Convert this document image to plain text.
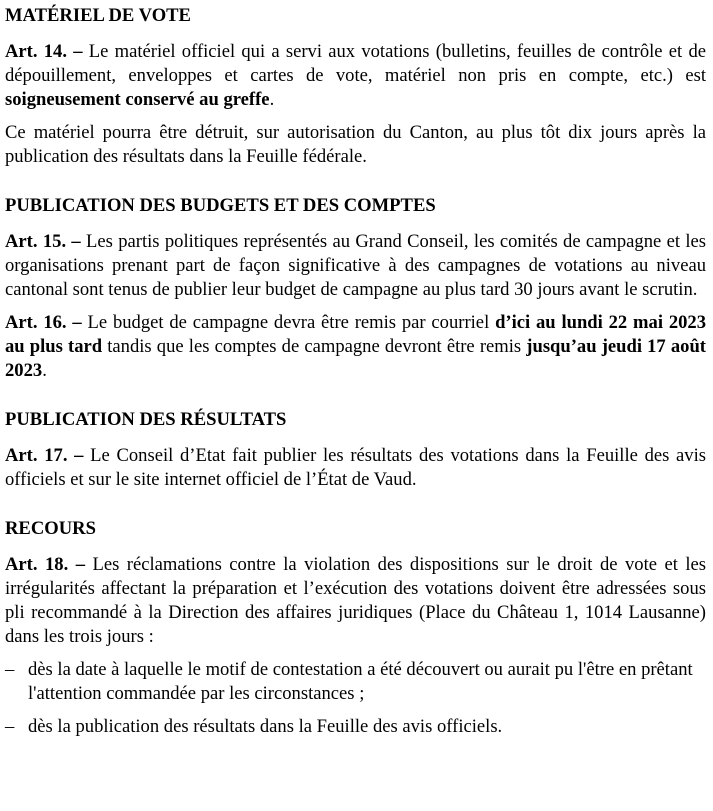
MATÉRIEL DE VOTE

Art. 14. – Le matériel officiel qui a servi aux votations (bulletins, feuilles de contrôle et de dépouillement, enveloppes et cartes de vote, matériel non pris en compte, etc.) est soigneusement conservé au greffe.

Ce matériel pourra être détruit, sur autorisation du Canton, au plus tôt dix jours après la publication des résultats dans la Feuille fédérale.

PUBLICATION DES BUDGETS ET DES COMPTES

Art. 15. – Les partis politiques représentés au Grand Conseil, les comités de campagne et les organisations prenant part de façon significative à des campagnes de votations au niveau cantonal sont tenus de publier leur budget de campagne au plus tard 30 jours avant le scrutin.

Art. 16. – Le budget de campagne devra être remis par courriel d’ici au lundi 22 mai 2023 au plus tard tandis que les comptes de campagne devront être remis jusqu’au jeudi 17 août 2023.

PUBLICATION DES RÉSULTATS

Art. 17. – Le Conseil d’Etat fait publier les résultats des votations dans la Feuille des avis officiels et sur le site internet officiel de l’État de Vaud.

RECOURS

Art. 18. – Les réclamations contre la violation des dispositions sur le droit de vote et les irrégularités affectant la préparation et l’exécution des votations doivent être adressées sous pli recommandé à la Direction des affaires juridiques (Place du Château 1, 1014 Lausanne) dans les trois jours :

– dès la date à laquelle le motif de contestation a été découvert ou aurait pu l'être en prêtant l'attention commandée par les circonstances ;
– dès la publication des résultats dans la Feuille des avis officiels.
